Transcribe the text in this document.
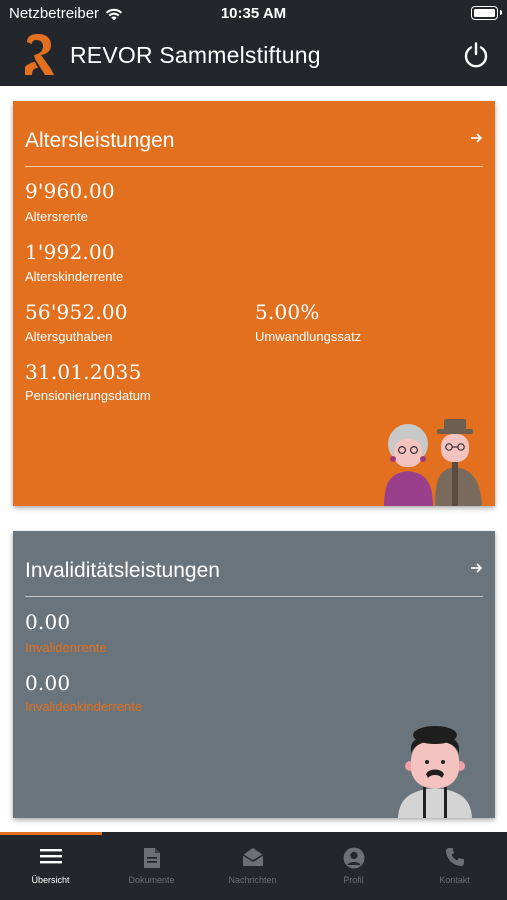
Netzbetreiber	10:35 AM
REVOR Sammelstiftung
Altersleistungen
9'960.00
Altersrente
1'992.00
Alterskinderrente
56'952.00
Altersguthaben
5.00%
Umwandlungssatz
31.01.2035
Pensionierungsdatum
Invaliditätsleistungen
0.00
Invalidenrente
0.00
Invalidenkinderrente
Übersicht	Dokumente	Nachrichten	Profil	Kontakt
